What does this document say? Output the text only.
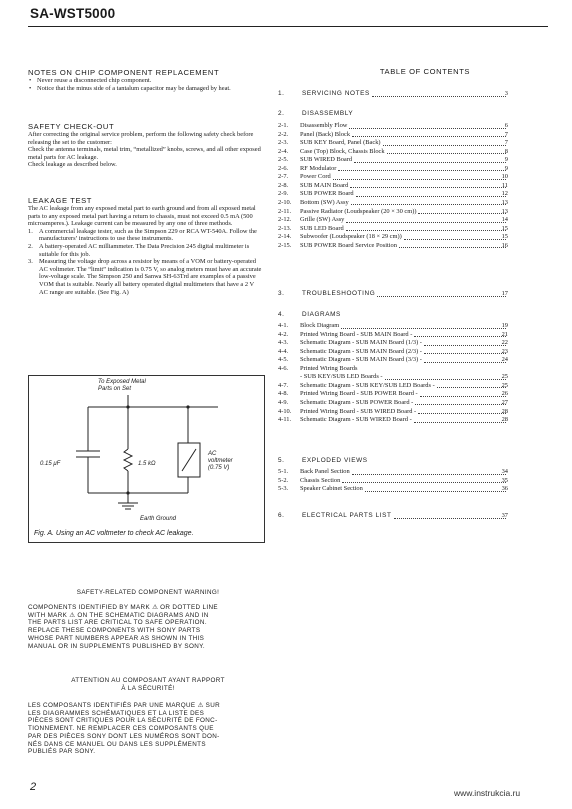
SA-WST5000
NOTES ON CHIP COMPONENT REPLACEMENT
• Never reuse a disconnected chip component.
• Notice that the minus side of a tantalum capacitor may be damaged by heat.
SAFETY CHECK-OUT
After correcting the original service problem, perform the following safety check before releasing the set to the customer:
Check the antenna terminals, metal trim, “metallized” knobs, screws, and all other exposed metal parts for AC leakage.
Check leakage as described below.
LEAKAGE TEST
The AC leakage from any exposed metal part to earth ground and from all exposed metal parts to any exposed metal part having a return to chassis, must not exceed 0.5 mA (500 microamperes.). Leakage current can be measured by any one of three methods.
1. A commercial leakage tester, such as the Simpson 229 or RCA WT-540A. Follow the manufacturers’ instructions to use these instruments.
2. A battery-operated AC milliammeter. The Data Precision 245 digital multimeter is suitable for this job.
3. Measuring the voltage drop across a resistor by means of a VOM or battery-operated AC voltmeter. The “limit” indication is 0.75 V, so analog meters must have an accurate low-voltage scale. The Simpson 250 and Sanwa SH-63Trd are examples of a passive VOM that is suitable. Nearly all battery operated digital multimeters that have a 2 V AC range are suitable. (See Fig. A)
To Exposed Metal
Parts on Set
0.15 μF	1.5 kΩ
AC
voltmeter
(0.75 V)
Earth Ground
Fig. A. Using an AC voltmeter to check AC leakage.
SAFETY-RELATED COMPONENT WARNING!
COMPONENTS IDENTIFIED BY MARK ⚠ OR DOTTED LINE
WITH MARK ⚠ ON THE SCHEMATIC DIAGRAMS AND IN
THE PARTS LIST ARE CRITICAL TO SAFE OPERATION.
REPLACE THESE COMPONENTS WITH SONY PARTS
WHOSE PART NUMBERS APPEAR AS SHOWN IN THIS
MANUAL OR IN SUPPLEMENTS PUBLISHED BY SONY.
ATTENTION AU COMPOSANT AYANT RAPPORT
À LA SÉCURITÉ!
LES COMPOSANTS IDENTIFIÉS PAR UNE MARQUE ⚠ SUR
LES DIAGRAMMES SCHÉMATIQUES ET LA LISTE DES
PIÈCES SONT CRITIQUES POUR LA SÉCURITÉ DE FONC-
TIONNEMENT. NE REMPLACER CES COMPOSANTS QUE
PAR DES PIÈCES SONY DONT LES NUMÉROS SONT DON-
NÉS DANS CE MANUEL OU DANS LES SUPPLÉMENTS
PUBLIÉS PAR SONY.
TABLE OF CONTENTS
1.	SERVICING NOTES	3
2.	DISASSEMBLY
2-1.	Disassembly Flow	6
2-2.	Panel (Back) Block	7
2-3.	SUB KEY Board, Panel (Back)	7
2-4.	Case (Top) Block, Chassis Block	8
2-5.	SUB WIRED Board	9
2-6.	RF Modulator	9
2-7.	Power Cord	10
2-8.	SUB MAIN Board	11
2-9.	SUB POWER Board	12
2-10.	Bottom (SW) Assy	13
2-11.	Passive Radiator (Loudspeaker (20 × 30 cm))	13
2-12.	Grille (SW) Assy	14
2-13.	SUB LED Board	15
2-14.	Subwoofer (Loudspeaker (18 × 29 cm))	15
2-15.	SUB POWER Board Service Position	16
3.	TROUBLESHOOTING	17
4.	DIAGRAMS
4-1.	Block Diagram	19
4-2.	Printed Wiring Board - SUB MAIN Board -	21
4-3.	Schematic Diagram - SUB MAIN Board (1/3) -	22
4-4.	Schematic Diagram - SUB MAIN Board (2/3) -	23
4-5.	Schematic Diagram - SUB MAIN Board (3/3) -	24
4-6.	Printed Wiring Boards
- SUB KEY/SUB LED Boards -	25
4-7.	Schematic Diagram - SUB KEY/SUB LED Boards -	25
4-8.	Printed Wiring Board - SUB POWER Board -	26
4-9.	Schematic Diagram - SUB POWER Board -	27
4-10.	Printed Wiring Board - SUB WIRED Board -	28
4-11.	Schematic Diagram - SUB WIRED Board -	28
5.	EXPLODED VIEWS
5-1.	Back Panel Section	34
5-2.	Chassis Section	35
5-3.	Speaker Cabinet Section	36
6.	ELECTRICAL PARTS LIST	37
2	www.instrukcia.ru
